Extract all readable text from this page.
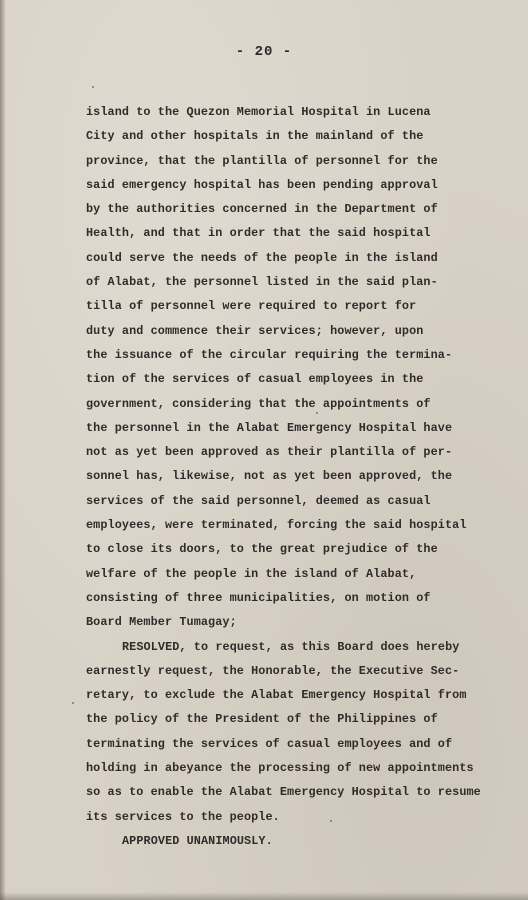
- 20 -
island to the Quezon Memorial Hospital in Lucena
City and other hospitals in the mainland of the
province, that the plantilla of personnel for the
said emergency hospital has been pending approval
by the authorities concerned in the Department of
Health, and that in order that the said hospital
could serve the needs of the people in the island
of Alabat, the personnel listed in the said plan-
tilla of personnel were required to report for
duty and commence their services; however, upon
the issuance of the circular requiring the termina-
tion of the services of casual employees in the
government, considering that the appointments of
the personnel in the Alabat Emergency Hospital have
not as yet been approved as their plantilla of per-
sonnel has, likewise, not as yet been approved, the
services of the said personnel, deemed as casual
employees, were terminated, forcing the said hospital
to close its doors, to the great prejudice of the
welfare of the people in the island of Alabat,
consisting of three municipalities, on motion of
Board Member Tumagay;
RESOLVED, to request, as this Board does hereby
earnestly request, the Honorable, the Executive Sec-
retary, to exclude the Alabat Emergency Hospital from
the policy of the President of the Philippines of
terminating the services of casual employees and of
holding in abeyance the processing of new appointments
so as to enable the Alabat Emergency Hospital to resume
its services to the people.
APPROVED UNANIMOUSLY.
